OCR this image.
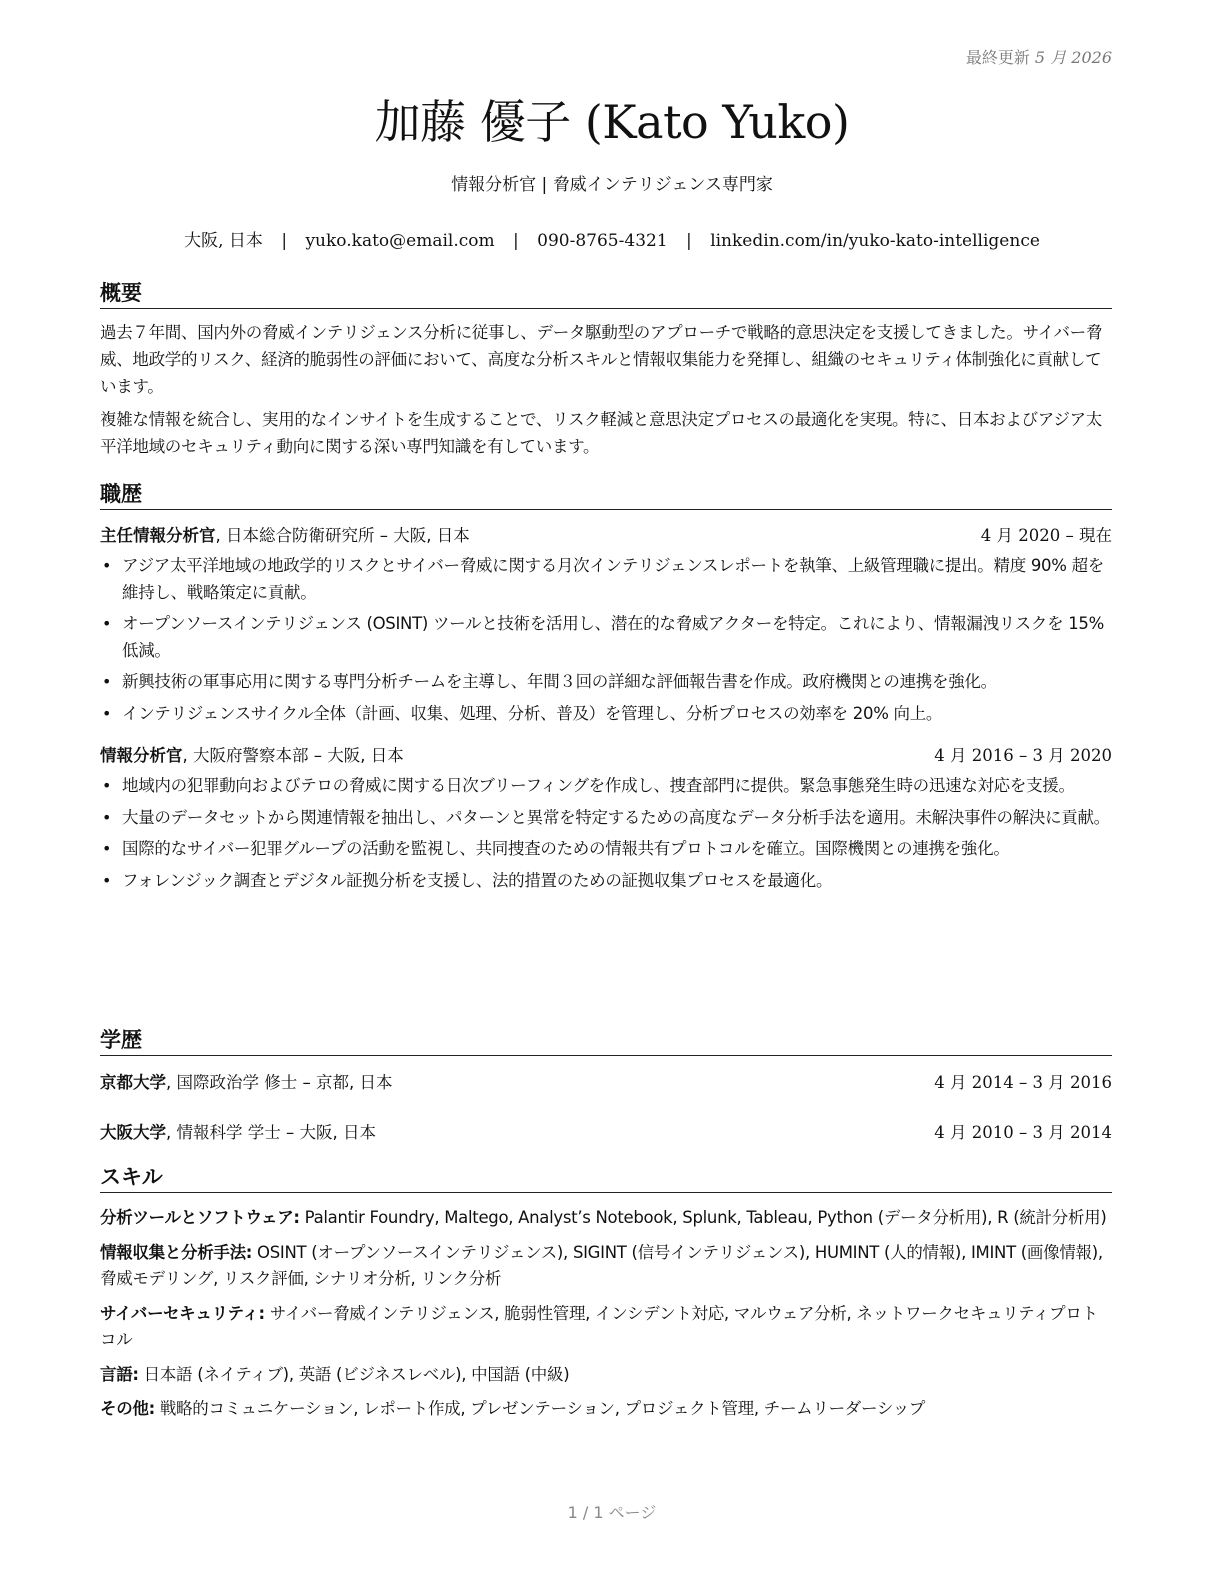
最終更新 5 月 2026
加藤 優子 (Kato Yuko)
情報分析官 | 脅威インテリジェンス専門家
大阪, 日本 | yuko.kato@email.com | 090-8765-4321 | linkedin.com/in/yuko-kato-intelligence
概要

過去７年間、国内外の脅威インテリジェンス分析に従事し、データ駆動型のアプローチで戦略的意思決定を支援してきました。サイバー脅威、地政学的リスク、経済的脆弱性の評価において、高度な分析スキルと情報収集能力を発揮し、組織のセキュリティ体制強化に貢献しています。

複雑な情報を統合し、実用的なインサイトを生成することで、リスク軽減と意思決定プロセスの最適化を実現。特に、日本およびアジア太平洋地域のセキュリティ動向に関する深い専門知識を有しています。

職歴
主任情報分析官, 日本総合防衛研究所 – 大阪, 日本	4 月 2020 – 現在
• アジア太平洋地域の地政学的リスクとサイバー脅威に関する月次インテリジェンスレポートを執筆、上級管理職に提出。精度 90% 超を維持し、戦略策定に貢献。
• オープンソースインテリジェンス (OSINT) ツールと技術を活用し、潜在的な脅威アクターを特定。これにより、情報漏洩リスクを 15% 低減。
• 新興技術の軍事応用に関する専門分析チームを主導し、年間３回の詳細な評価報告書を作成。政府機関との連携を強化。
• インテリジェンスサイクル全体（計画、収集、処理、分析、普及）を管理し、分析プロセスの効率を 20% 向上。
情報分析官, 大阪府警察本部 – 大阪, 日本	4 月 2016 – 3 月 2020
• 地域内の犯罪動向およびテロの脅威に関する日次ブリーフィングを作成し、捜査部門に提供。緊急事態発生時の迅速な対応を支援。
• 大量のデータセットから関連情報を抽出し、パターンと異常を特定するための高度なデータ分析手法を適用。未解決事件の解決に貢献。
• 国際的なサイバー犯罪グループの活動を監視し、共同捜査のための情報共有プロトコルを確立。国際機関との連携を強化。
• フォレンジック調査とデジタル証拠分析を支援し、法的措置のための証拠収集プロセスを最適化。
学歴
京都大学, 国際政治学 修士 – 京都, 日本	4 月 2014 – 3 月 2016
大阪大学, 情報科学 学士 – 大阪, 日本	4 月 2010 – 3 月 2014
スキル
分析ツールとソフトウェア: Palantir Foundry, Maltego, Analyst’s Notebook, Splunk, Tableau, Python (データ分析用), R (統計分析用)
情報収集と分析手法: OSINT (オープンソースインテリジェンス), SIGINT (信号インテリジェンス), HUMINT (人的情報), IMINT (画像情報), 脅威モデリング, リスク評価, シナリオ分析, リンク分析
サイバーセキュリティ: サイバー脅威インテリジェンス, 脆弱性管理, インシデント対応, マルウェア分析, ネットワークセキュリティプロトコル
言語: 日本語 (ネイティブ), 英語 (ビジネスレベル), 中国語 (中級)
その他: 戦略的コミュニケーション, レポート作成, プレゼンテーション, プロジェクト管理, チームリーダーシップ
1 / 1 ページ
